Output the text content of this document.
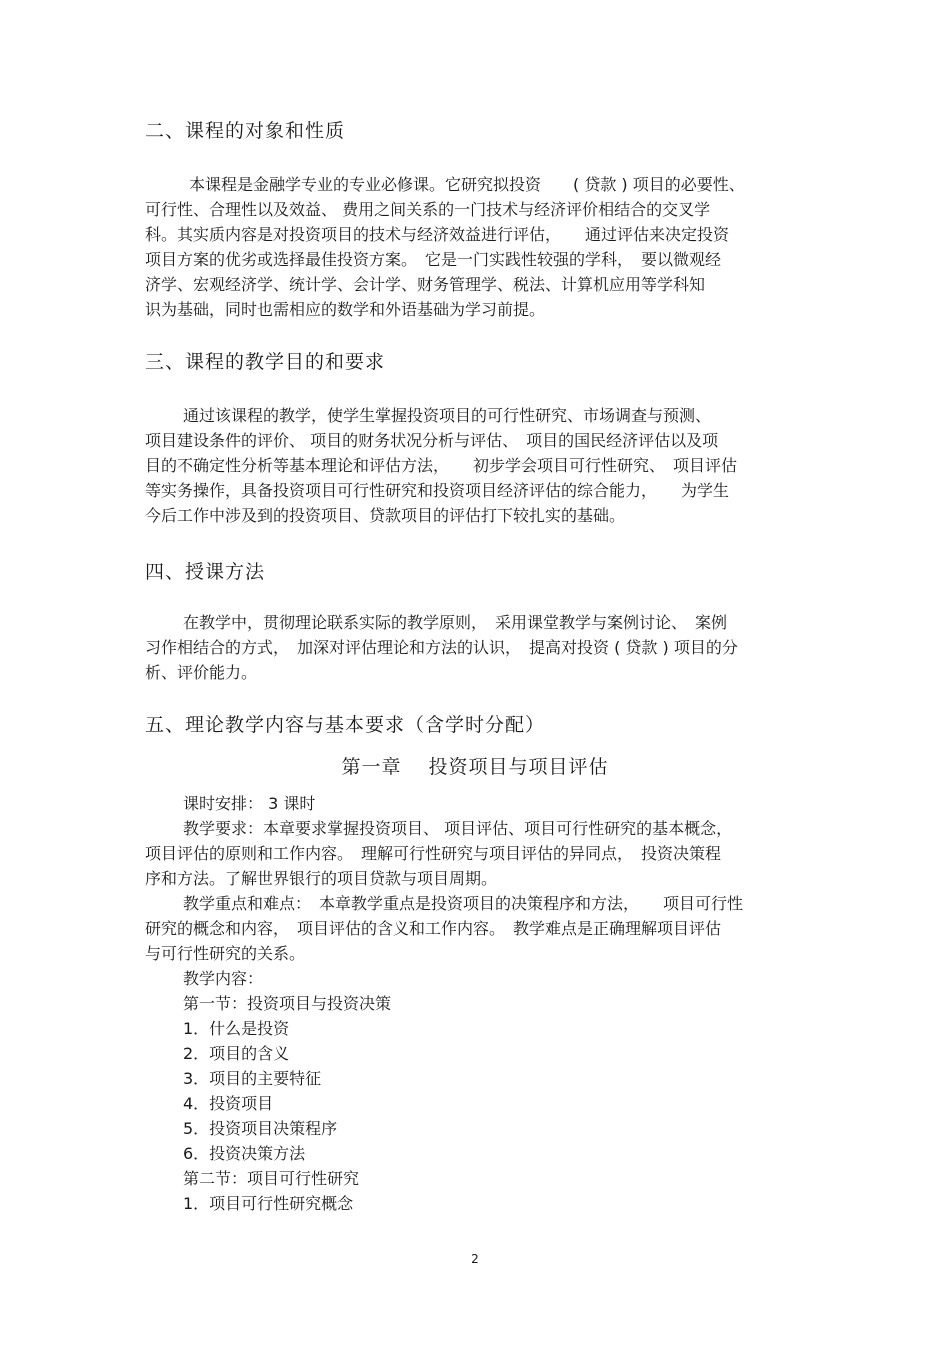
二、课程的对象和性质
本课程是金融学专业的专业必修课。它研究拟投资　　( 贷款 ) 项目的必要性、
可行性、合理性以及效益、 费用之间关系的一门技术与经济评价相结合的交叉学
科。其实质内容是对投资项目的技术与经济效益进行评估，　　通过评估来决定投资
项目方案的优劣或选择最佳投资方案。　它是一门实践性较强的学科，　要以微观经
济学、宏观经济学、统计学、会计学、财务管理学、税法、计算机应用等学科知
识为基础，同时也需相应的数学和外语基础为学习前提。
三、课程的教学目的和要求
通过该课程的教学，使学生掌握投资项目的可行性研究、市场调查与预测、
项目建设条件的评价、 项目的财务状况分析与评估、　项目的国民经济评估以及项
目的不确定性分析等基本理论和评估方法，　　初步学会项目可行性研究、　项目评估
等实务操作，具备投资项目可行性研究和投资项目经济评估的综合能力，　　为学生
今后工作中涉及到的投资项目、贷款项目的评估打下较扎实的基础。
四、授课方法
在教学中，贯彻理论联系实际的教学原则，　采用课堂教学与案例讨论、　案例
习作相结合的方式，　加深对评估理论和方法的认识，　提高对投资 ( 贷款 ) 项目的分
析、评价能力。
五、理论教学内容与基本要求（含学时分配）
第一章　 投资项目与项目评估
课时安排： 3 课时
教学要求：本章要求掌握投资项目、 项目评估、项目可行性研究的基本概念，
项目评估的原则和工作内容。　理解可行性研究与项目评估的异同点，　投资决策程
序和方法。了解世界银行的项目贷款与项目周期。
教学重点和难点：　本章教学重点是投资项目的决策程序和方法，　　项目可行性
研究的概念和内容，　项目评估的含义和工作内容。　教学难点是正确理解项目评估
与可行性研究的关系。
教学内容：
第一节：投资项目与投资决策
1．什么是投资
2．项目的含义
3．项目的主要特征
4．投资项目
5．投资项目决策程序
6．投资决策方法
第二节：项目可行性研究
1．项目可行性研究概念
2
